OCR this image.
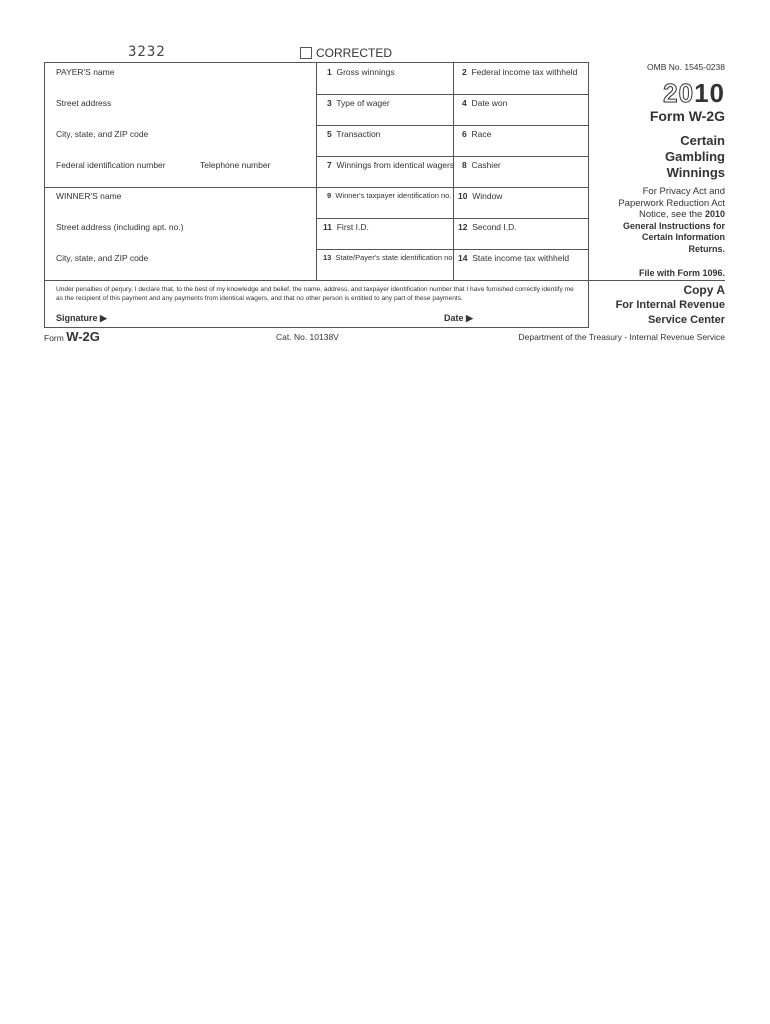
3232	CORRECTED
PAYER'S name
Street address
City, state, and ZIP code
Federal identification number	Telephone number
WINNER'S name
Street address (including apt. no.)
City, state, and ZIP code
1 Gross winnings	2 Federal income tax withheld
3 Type of wager	4 Date won
5 Transaction	6 Race
7 Winnings from identical wagers 8 Cashier
9 Winner's taxpayer identification no. 10 Window
11 First I.D.	12 Second I.D.
13 State/Payer's state identification no. 14 State income tax withheld
Under penalties of perjury, I declare that, to the best of my knowledge and belief, the name, address, and taxpayer identification number that I have furnished correctly identify me as the recipient of this payment and any payments from identical wagers, and that no other person is entitled to any part of these payments.
Signature ▶	Date ▶
OMB No. 1545-0238
2010
Form W-2G
Certain
Gambling
Winnings
For Privacy Act and
Paperwork Reduction Act
Notice, see the 2010
General Instructions for
Certain Information
Returns.
File with Form 1096.
Copy A
For Internal Revenue
Service Center
Form W-2G	Cat. No. 10138V	Department of the Treasury - Internal Revenue Service
